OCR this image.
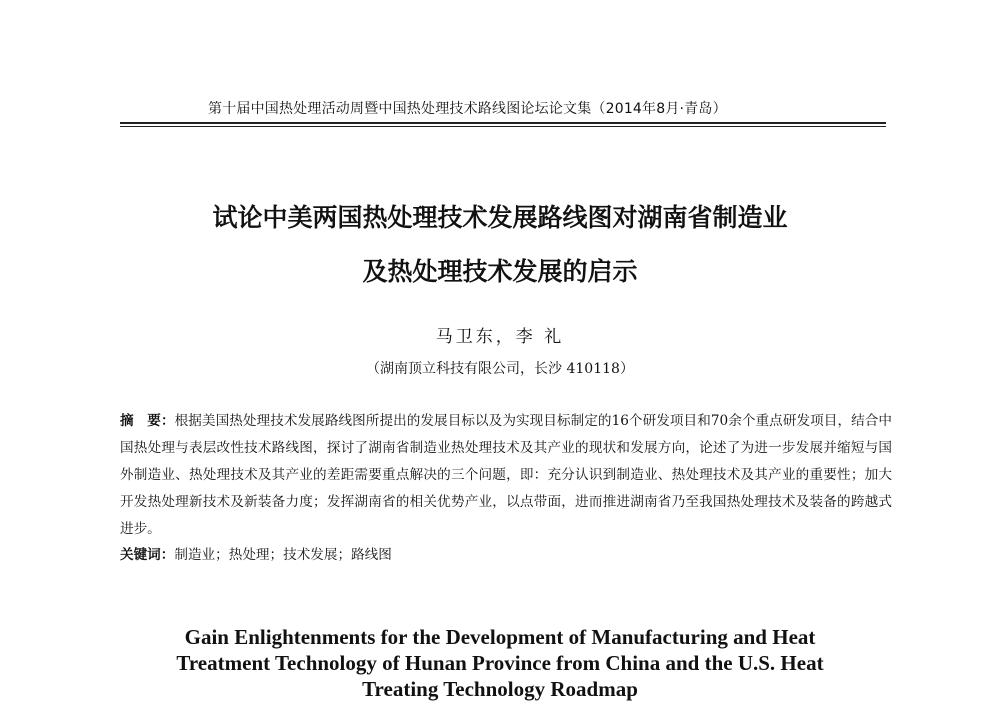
第十届中国热处理活动周暨中国热处理技术路线图论坛论文集（2014年8月·青岛）
试论中美两国热处理技术发展路线图对湖南省制造业
及热处理技术发展的启示
马卫东，李 礼
（湖南顶立科技有限公司，长沙 410118）
摘　要：根据美国热处理技术发展路线图所提出的发展目标以及为实现目标制定的16个研发项目和70余个重点研发项目，结合中国热处理与表层改性技术路线图，探讨了湖南省制造业热处理技术及其产业的现状和发展方向，论述了为进一步发展并缩短与国外制造业、热处理技术及其产业的差距需要重点解决的三个问题，即：充分认识到制造业、热处理技术及其产业的重要性；加大开发热处理新技术及新装备力度；发挥湖南省的相关优势产业，以点带面，进而推进湖南省乃至我国热处理技术及装备的跨越式进步。
关键词：制造业；热处理；技术发展；路线图
Gain Enlightenments for the Development of Manufacturing and Heat
Treatment Technology of Hunan Province from China and the U.S. Heat
Treating Technology Roadmap
